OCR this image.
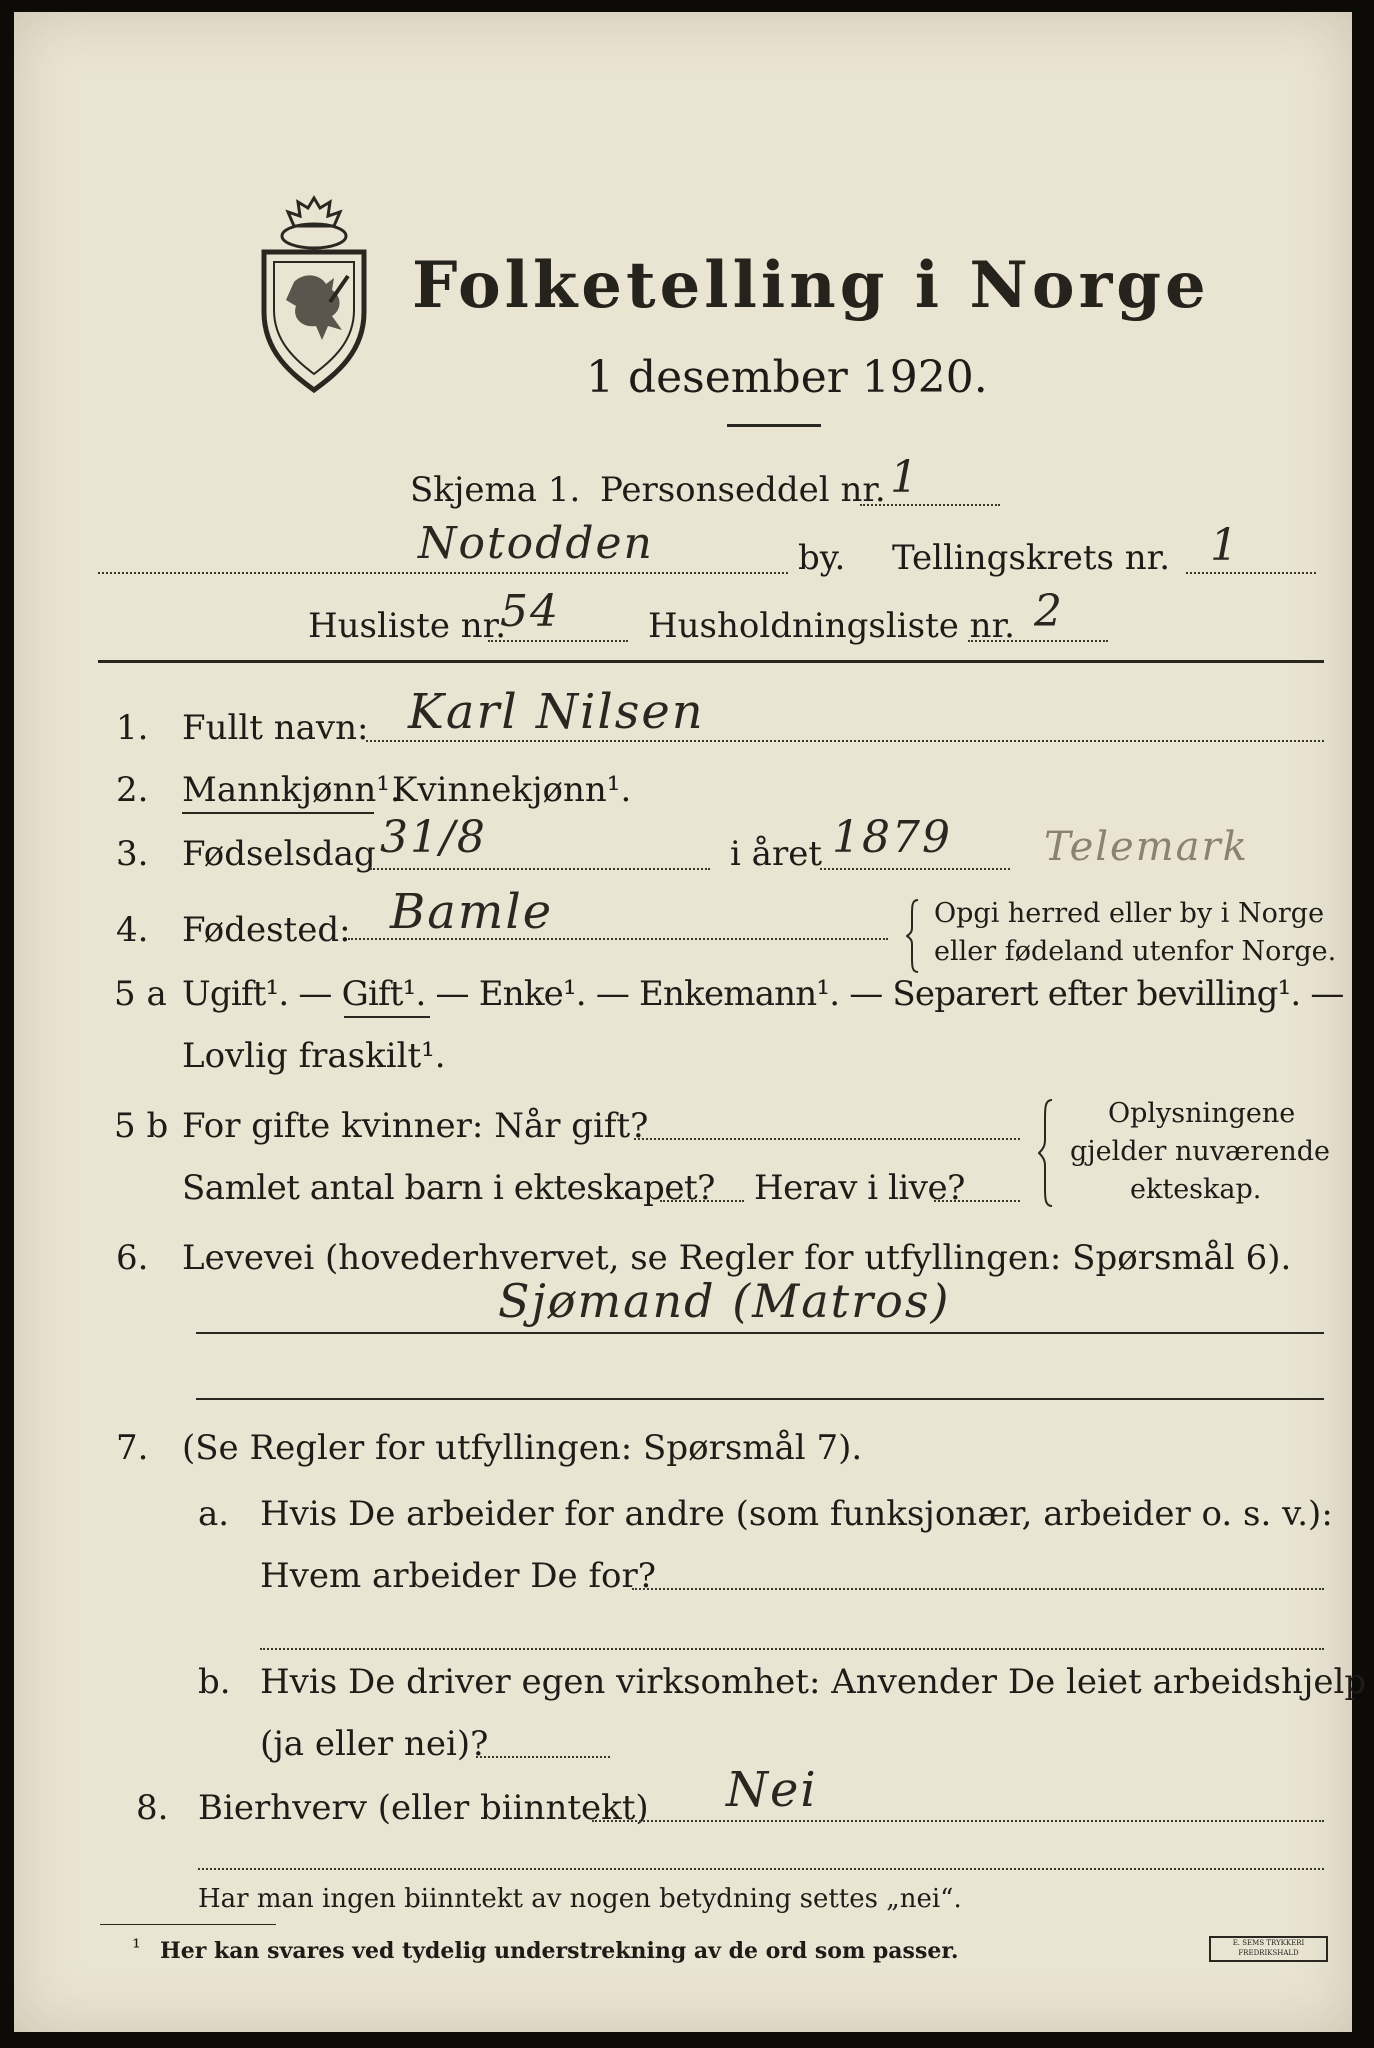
Folketelling i Norge
1 desember 1920.
Skjema 1. Personseddel nr. 1
Notodden	by. Tellingskrets nr. 1
Husliste nr.
54	Husholdningsliste nr. 2
1. Fullt navn: Karl Nilsen
2. Mannkjønn¹.
Kvinnekjønn¹.
3. Fødselsdag 31/8	i året 1879 Telemark
4. Fødested: Bamle	Opgi herred eller by i Norge
eller fødeland utenfor Norge.
5 a Ugift¹. — Gift¹. — Enke¹. — Enkemann¹. — Separert efter bevilling¹. —
Lovlig fraskilt¹.
5 b For gifte kvinner: Når gift?
Samlet antal barn i ekteskapet? Herav i live?
Oplysningene
gjelder nuværende
ekteskap.
6. Levevei (hovederhvervet, se Regler for utfyllingen: Spørsmål 6).
Sjømand (Matros)
7. (Se Regler for utfyllingen: Spørsmål 7).
a. Hvis De arbeider for andre (som funksjonær, arbeider o. s. v.):
Hvem arbeider De for?
b. Hvis De driver egen virksomhet: Anvender De leiet arbeidshjelp
(ja eller nei)?
8. Bierhverv (eller biinntekt) Nei
Har man ingen biinntekt av nogen betydning settes „nei“.
¹ Her kan svares ved tydelig understrekning av de ord som passer.	E. SEMS TRYKKERI
FREDRIKSHALD
